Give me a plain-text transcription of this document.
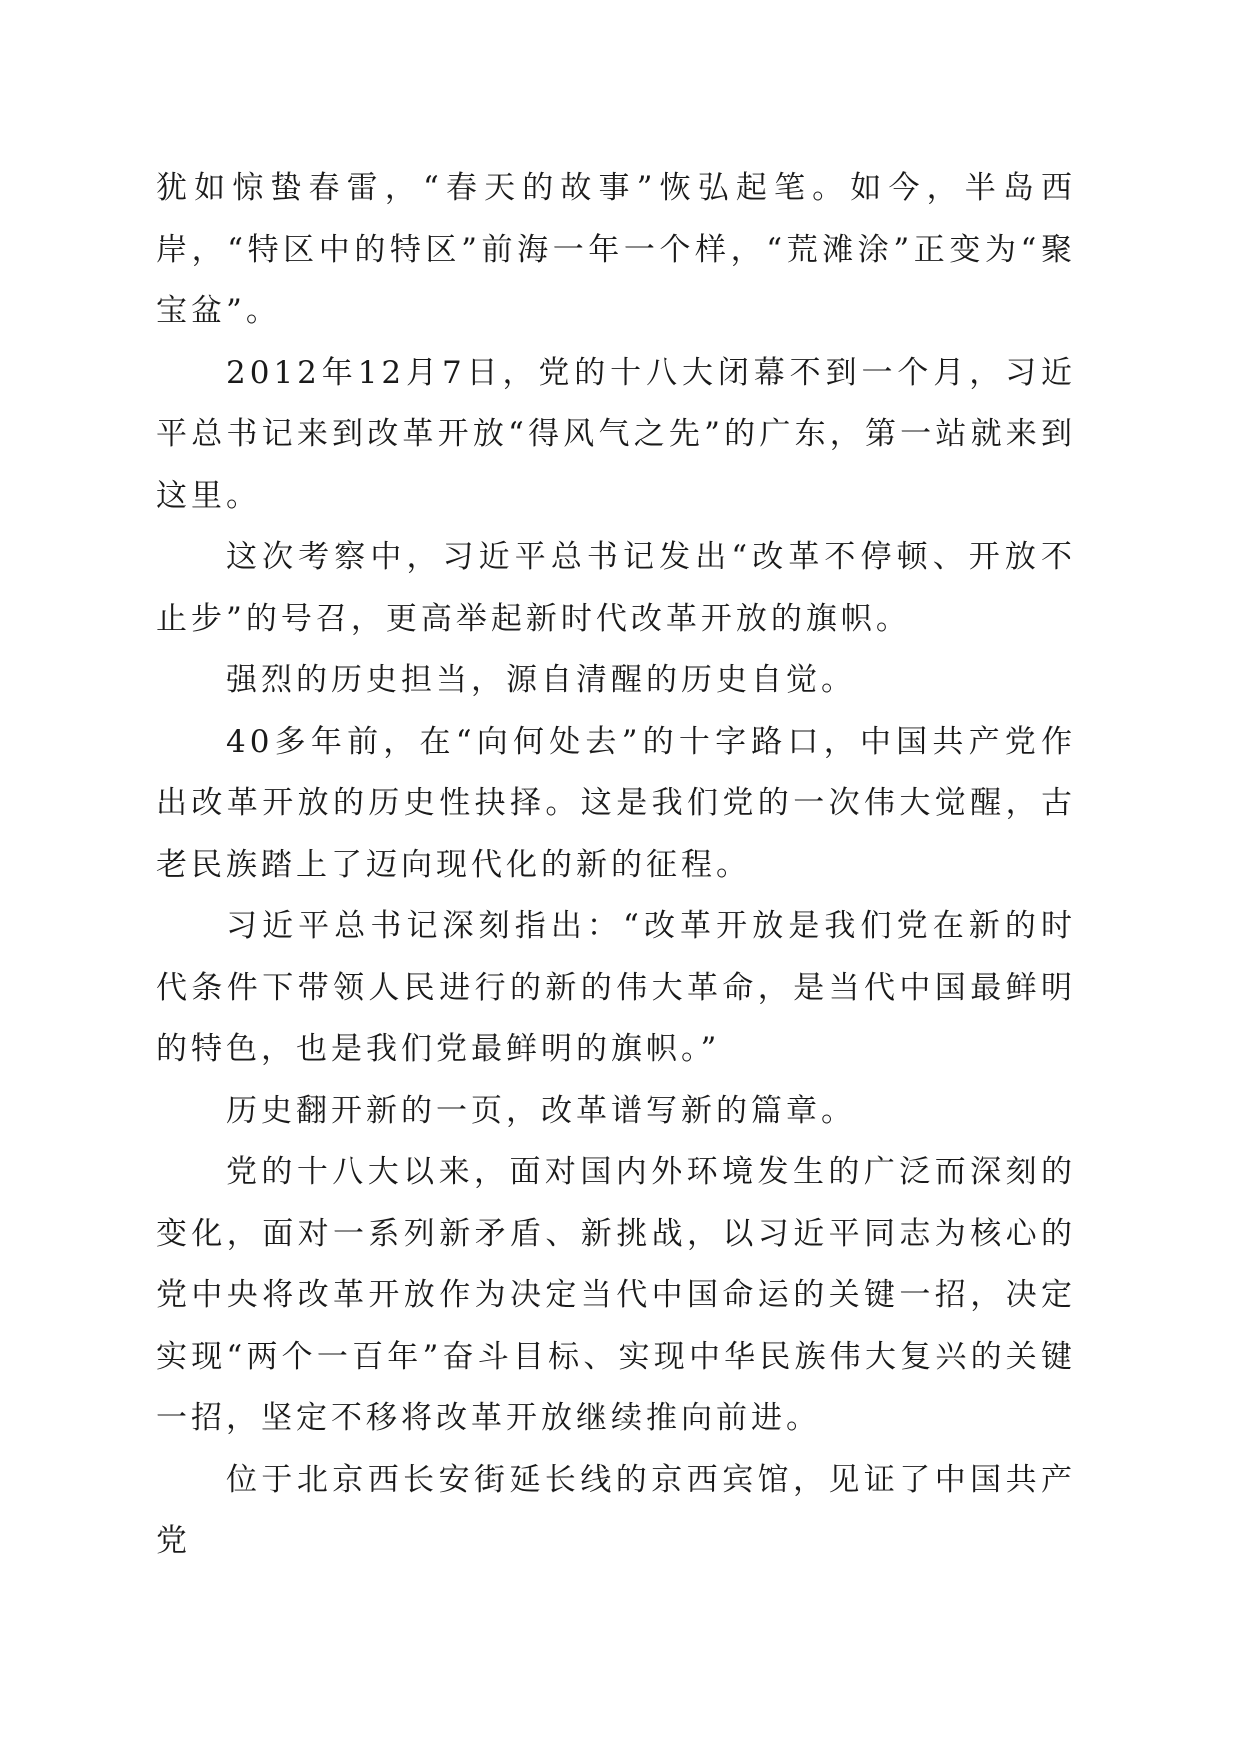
犹如惊蛰春雷，“春天的故事”恢弘起笔。如今，半岛西岸，“特区中的特区”前海一年一个样，“荒滩涂”正变为“聚宝盆”。

2012年12月7日，党的十八大闭幕不到一个月，习近平总书记来到改革开放“得风气之先”的广东，第一站就来到这里。

这次考察中，习近平总书记发出“改革不停顿、开放不止步”的号召，更高举起新时代改革开放的旗帜。

强烈的历史担当，源自清醒的历史自觉。

40多年前，在“向何处去”的十字路口，中国共产党作出改革开放的历史性抉择。这是我们党的一次伟大觉醒，古老民族踏上了迈向现代化的新的征程。

习近平总书记深刻指出：“改革开放是我们党在新的时代条件下带领人民进行的新的伟大革命，是当代中国最鲜明的特色，也是我们党最鲜明的旗帜。”

历史翻开新的一页，改革谱写新的篇章。

党的十八大以来，面对国内外环境发生的广泛而深刻的变化，面对一系列新矛盾、新挑战，以习近平同志为核心的党中央将改革开放作为决定当代中国命运的关键一招，决定实现“两个一百年”奋斗目标、实现中华民族伟大复兴的关键一招，坚定不移将改革开放继续推向前进。

位于北京西长安街延长线的京西宾馆，见证了中国共产党
